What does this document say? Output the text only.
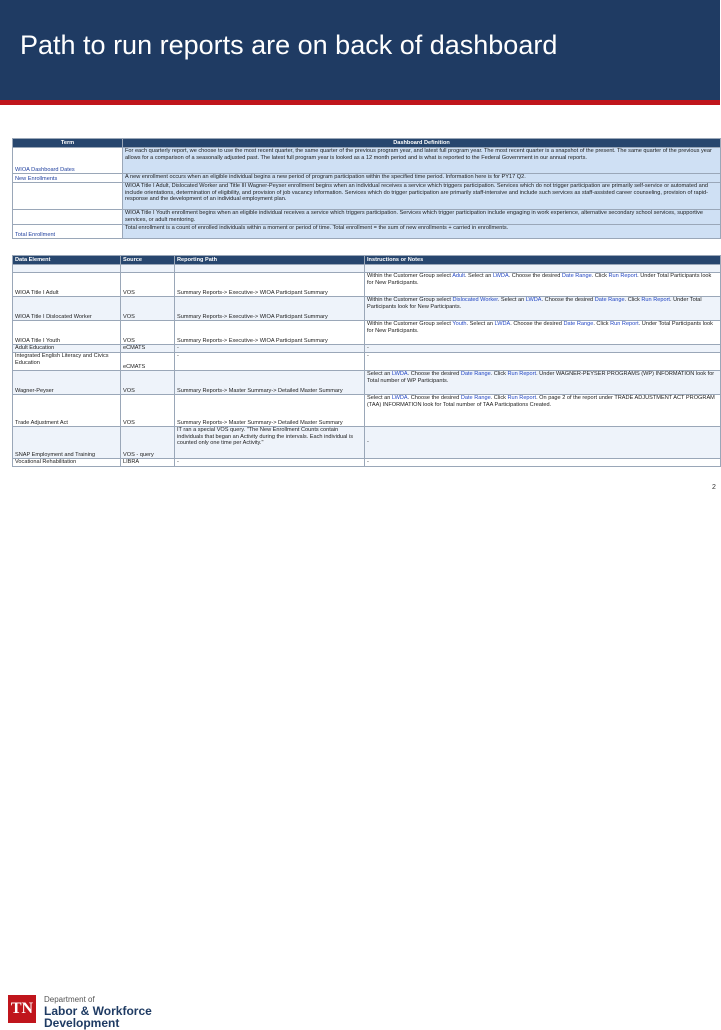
Path to run reports are on back of dashboard
Term	Dashboard Definition
WIOA Dashboard Dates	For each quarterly report, we choose to use the most recent quarter, the same quarter of the previous program year, and latest full program year. The most recent quarter is a snapshot of the present. The same quarter of the previous year allows for a comparison of a seasonally adjusted past. The latest full program year is looked as a 12 month period and is what is reported to the Federal Government in our annual reports.
New Enrollments	A new enrollment occurs when an eligible individual begins a new period of program participation within the specified time period. Information here is for PY17 Q2.
	WIOA Title I Adult, Dislocated Worker and Title III Wagner-Peyser enrollment begins when an individual receives a service which triggers participation. Services which do not trigger participation are primarily self-service or automated and include orientations, determination of eligibility, and provision of job vacancy information. Services which do trigger participation are primarily staff-intensive and include such services as staff-assisted career counseling, provision of rapid-response and the development of an individual employment plan.
	WIOA Title I Youth enrollment begins when an eligible individual receives a service which triggers participation. Services which trigger participation include engaging in work experience, alternative secondary school services, supportive services, or adult mentoring.
Total Enrollment	Total enrollment is a count of enrolled individuals within a moment or period of time. Total enrollment = the sum of new enrollments + carried in enrollments.
Data Element	Source	Reporting Path	Instructions or Notes

WIOA Title I Adult	VOS	Summary Reports-> Executive-> WIOA Participant Summary	Within the Customer Group select Adult. Select an LWDA. Choose the desired Date Range. Click Run Report. Under Total Participants look for New Participants.
WIOA Title I Dislocated Worker	VOS	Summary Reports-> Executive-> WIOA Participant Summary	Within the Customer Group select Dislocated Worker. Select an LWDA. Choose the desired Date Range. Click Run Report. Under Total Participants look for New Participants.
WIOA Title I Youth	VOS	Summary Reports-> Executive-> WIOA Participant Summary	Within the Customer Group select Youth. Select an LWDA. Choose the desired Date Range. Click Run Report. Under Total Participants look for New Participants.
Adult Education	eCMATS	-	-
Integrated English Literacy and Civics Education	eCMATS	-	-
Wagner-Peyser	VOS	Summary Reports-> Master Summary-> Detailed Master Summary	Select an LWDA. Choose the desired Date Range. Click Run Report. Under WAGNER-PEYSER PROGRAMS (WP) INFORMATION look for Total number of WP Participants.
Trade Adjustment Act	VOS	Summary Reports-> Master Summary-> Detailed Master Summary	Select an LWDA. Choose the desired Date Range. Click Run Report. On page 2 of the report under TRADE ADJUSTMENT ACT PROGRAM (TAA) INFORMATION look for Total number of TAA Participations Created.
SNAP Employment and Training	VOS - query	IT ran a special VOS query. "The New Enrollment Counts contain individuals that began an Activity during the intervals. Each individual is counted only one time per Activity."	-
Vocational Rehabilitation	LIBRA	-	-
2
TN
Department of
Labor & Workforce
Development
